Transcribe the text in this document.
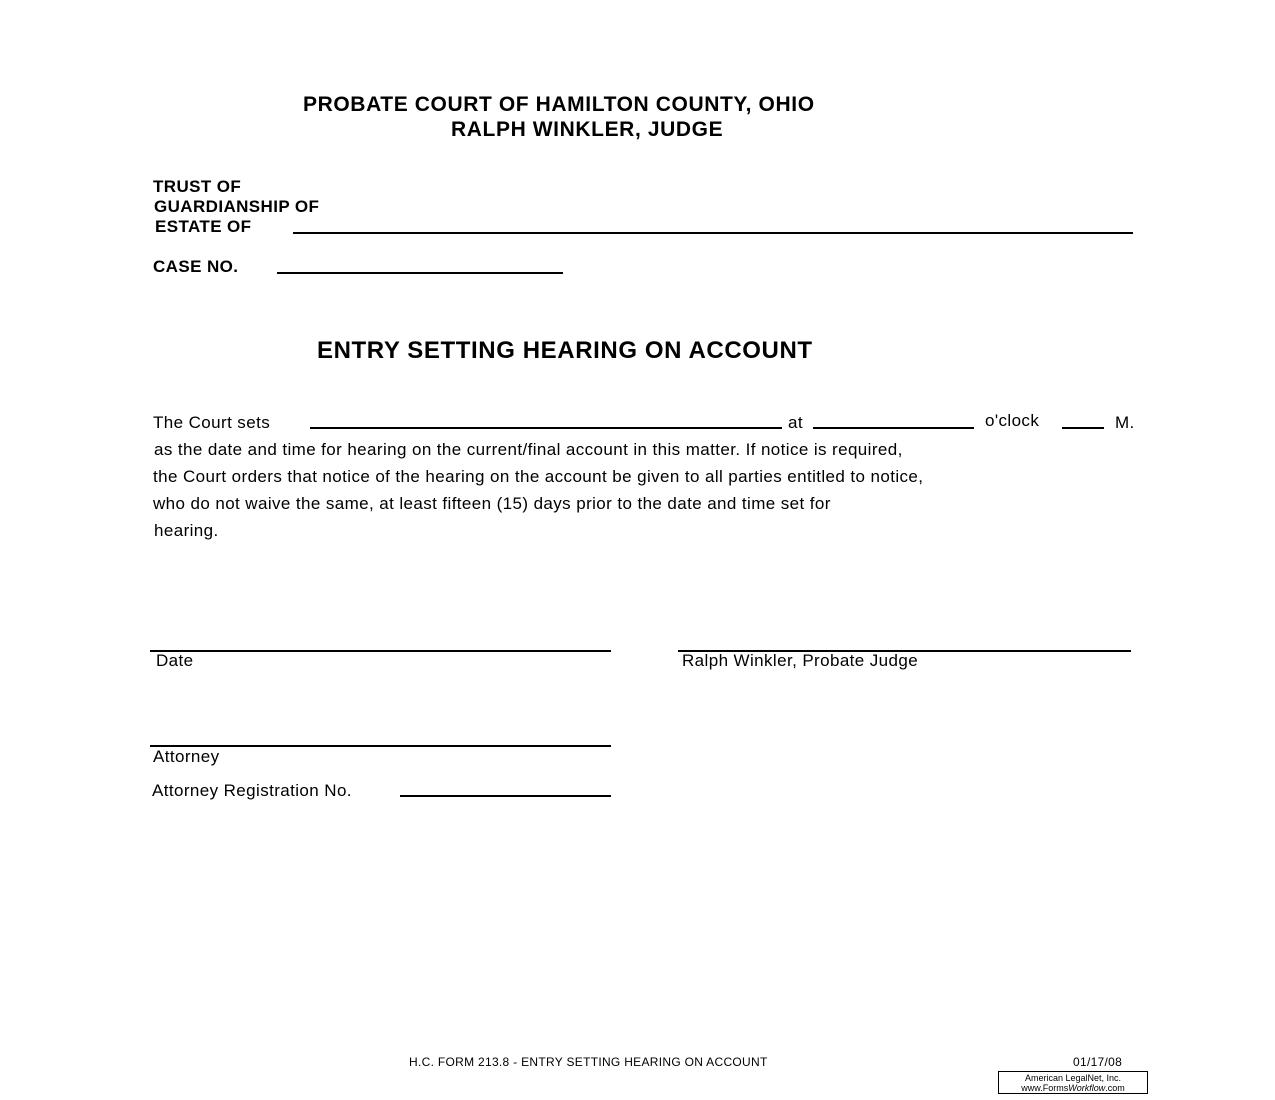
PROBATE COURT OF HAMILTON COUNTY, OHIO
RALPH WINKLER, JUDGE
TRUST OF
GUARDIANSHIP OF
ESTATE OF
CASE NO.
ENTRY SETTING HEARING ON ACCOUNT
The Court sets	at	o'clock	M.
as the date and time for hearing on the current/final account in this matter. If notice is required,
the Court orders that notice of the hearing on the account be given to all parties entitled to notice,
who do not waive the same, at least fifteen (15) days prior to the date and time set for
hearing.
Date	Ralph Winkler, Probate Judge
Attorney
Attorney Registration No.
H.C. FORM 213.8 - ENTRY SETTING HEARING ON ACCOUNT	01/17/08
American LegalNet, Inc.
www.FormsWorkflow.com
